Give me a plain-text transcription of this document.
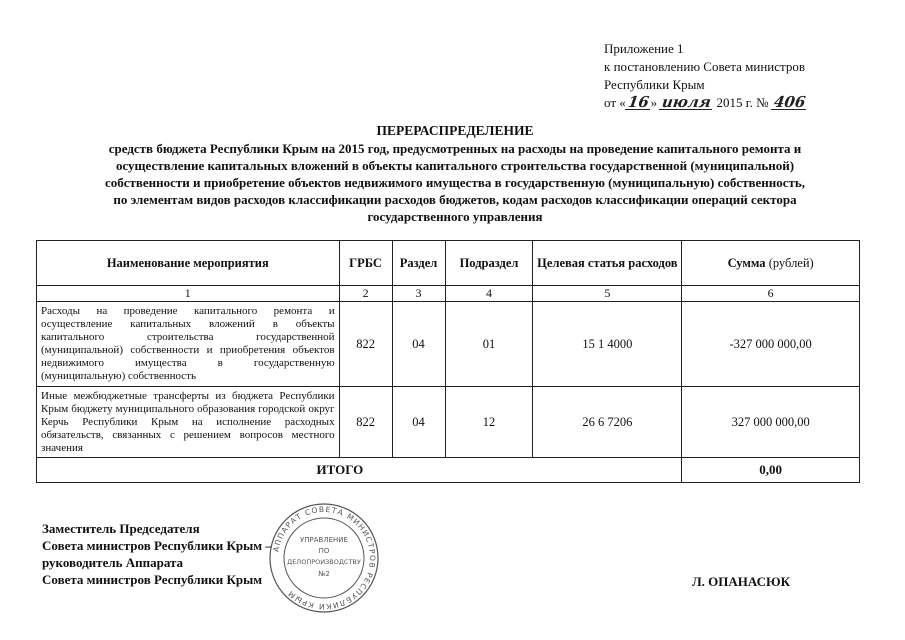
Приложение 1
к постановлению Совета министров
Республики Крым
от «16» июля 2015 г. № 406
ПЕРЕРАСПРЕДЕЛЕНИЕ
средств бюджета Республики Крым на 2015 год, предусмотренных на расходы на проведение капитального ремонта и
осуществление капитальных вложений в объекты капитального строительства государственной (муниципальной)
собственности и приобретение объектов недвижимого имущества в государственную (муниципальную) собственность,
по элементам видов расходов классификации расходов бюджетов, кодам расходов классификации операций сектора
государственного управления
Наименование мероприятия	ГРБС	Раздел	Подраздел	Целевая статья расходов	Сумма (рублей)
1	2	3	4	5	6
Расходы на проведение капитального ремонта и осуществление капитальных вложений в объекты капитального строительства государственной (муниципальной) собственности и приобретения объектов недвижимого имущества в государственную (муниципальную) собственность	822	04	01	15 1 4000	-327 000 000,00
Иные межбюджетные трансферты из бюджета Республики Крым бюджету муниципального образования городской округ Керчь Республики Крым на исполнение расходных обязательств, связанных с решением вопросов местного значения	822	04	12	26 6 7206	327 000 000,00
ИТОГО					0,00
Заместитель Председателя
Совета министров Республики Крым –
руководитель Аппарата
Совета министров Республики Крым	Л. ОПАНАСЮК
АППАРАТ СОВЕТА МИНИСТРОВ РЕСПУБЛИКИ КРЫМ
УПРАВЛЕНИЕ
ПО
ДЕЛОПРОИЗВОДСТВУ
№2
